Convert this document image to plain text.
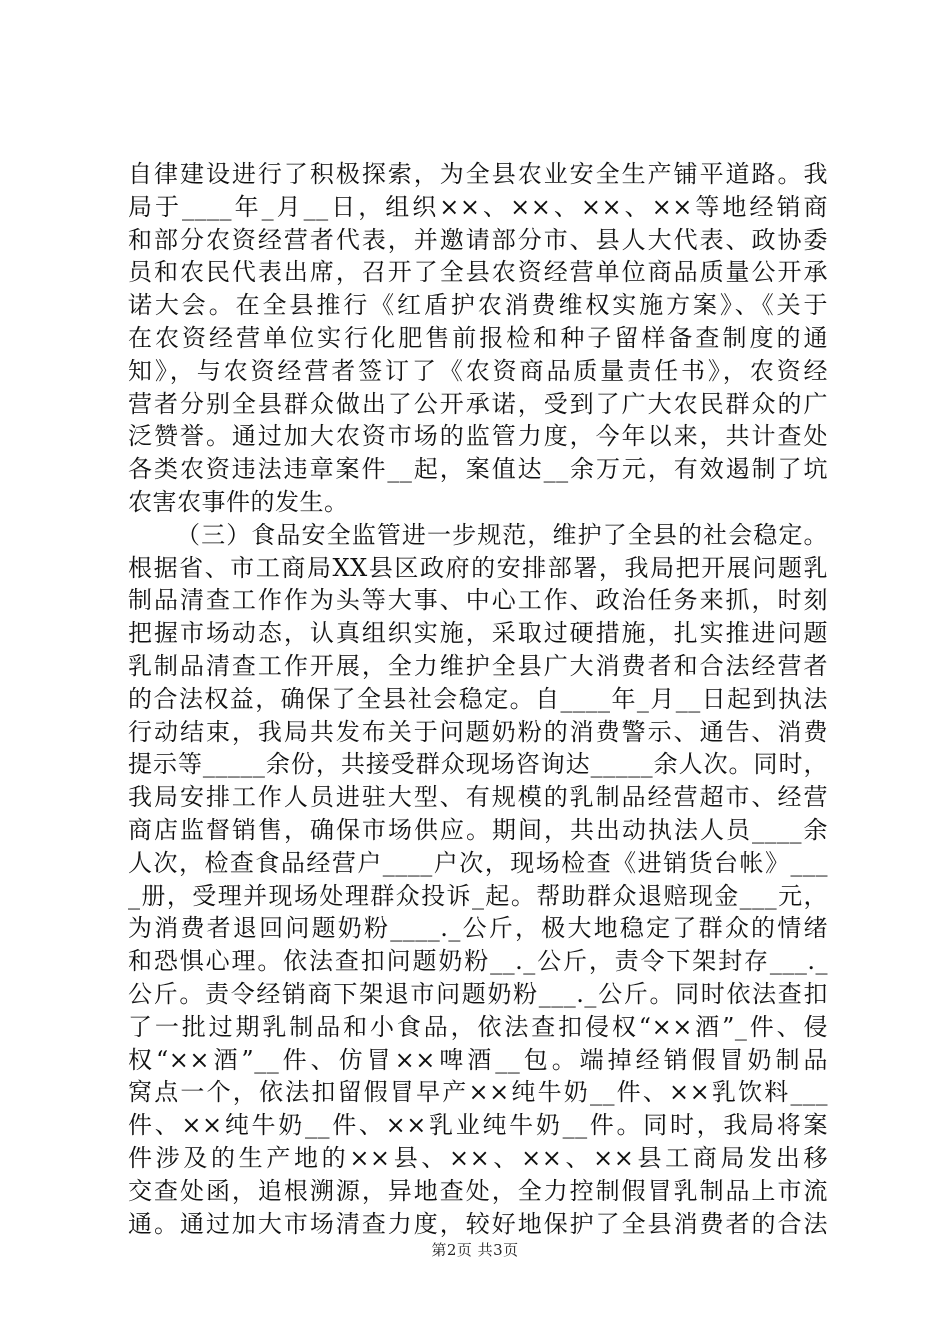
自律建设进行了积极探索，为全县农业安全生产铺平道路。我
局于____年_月__日，组织××、××、××、××等地经销商
和部分农资经营者代表，并邀请部分市、县人大代表、政协委
员和农民代表出席，召开了全县农资经营单位商品质量公开承
诺大会。在全县推行《红盾护农消费维权实施方案》、《关于
在农资经营单位实行化肥售前报检和种子留样备查制度的通
知》，与农资经营者签订了《农资商品质量责任书》，农资经
营者分别全县群众做出了公开承诺，受到了广大农民群众的广
泛赞誉。通过加大农资市场的监管力度，今年以来，共计查处
各类农资违法违章案件__起，案值达__余万元，有效遏制了坑
农害农事件的发生。
（三）食品安全监管进一步规范，维护了全县的社会稳定。
根据省、市工商局XX县区政府的安排部署，我局把开展问题乳
制品清查工作作为头等大事、中心工作、政治任务来抓，时刻
把握市场动态，认真组织实施，采取过硬措施，扎实推进问题
乳制品清查工作开展，全力维护全县广大消费者和合法经营者
的合法权益，确保了全县社会稳定。自____年_月__日起到执法
行动结束，我局共发布关于问题奶粉的消费警示、通告、消费
提示等_____余份，共接受群众现场咨询达_____余人次。同时，
我局安排工作人员进驻大型、有规模的乳制品经营超市、经营
商店监督销售，确保市场供应。期间，共出动执法人员____余
人次，检查食品经营户____户次，现场检查《进销货台帐》___
_册，受理并现场处理群众投诉_起。帮助群众退赔现金___元，
为消费者退回问题奶粉____._公斤，极大地稳定了群众的情绪
和恐惧心理。依法查扣问题奶粉__._公斤，责令下架封存___._
公斤。责令经销商下架退市问题奶粉___._公斤。同时依法查扣
了一批过期乳制品和小食品，依法查扣侵权“××酒”_件、侵
权“××酒”__件、仿冒××啤酒__包。端掉经销假冒奶制品
窝点一个，依法扣留假冒早产××纯牛奶__件、××乳饮料___
件、××纯牛奶__件、××乳业纯牛奶__件。同时，我局将案
件涉及的生产地的××县、××、××、××县工商局发出移
交查处函，追根溯源，异地查处，全力控制假冒乳制品上市流
通。通过加大市场清查力度，较好地保护了全县消费者的合法
第2页 共3页
